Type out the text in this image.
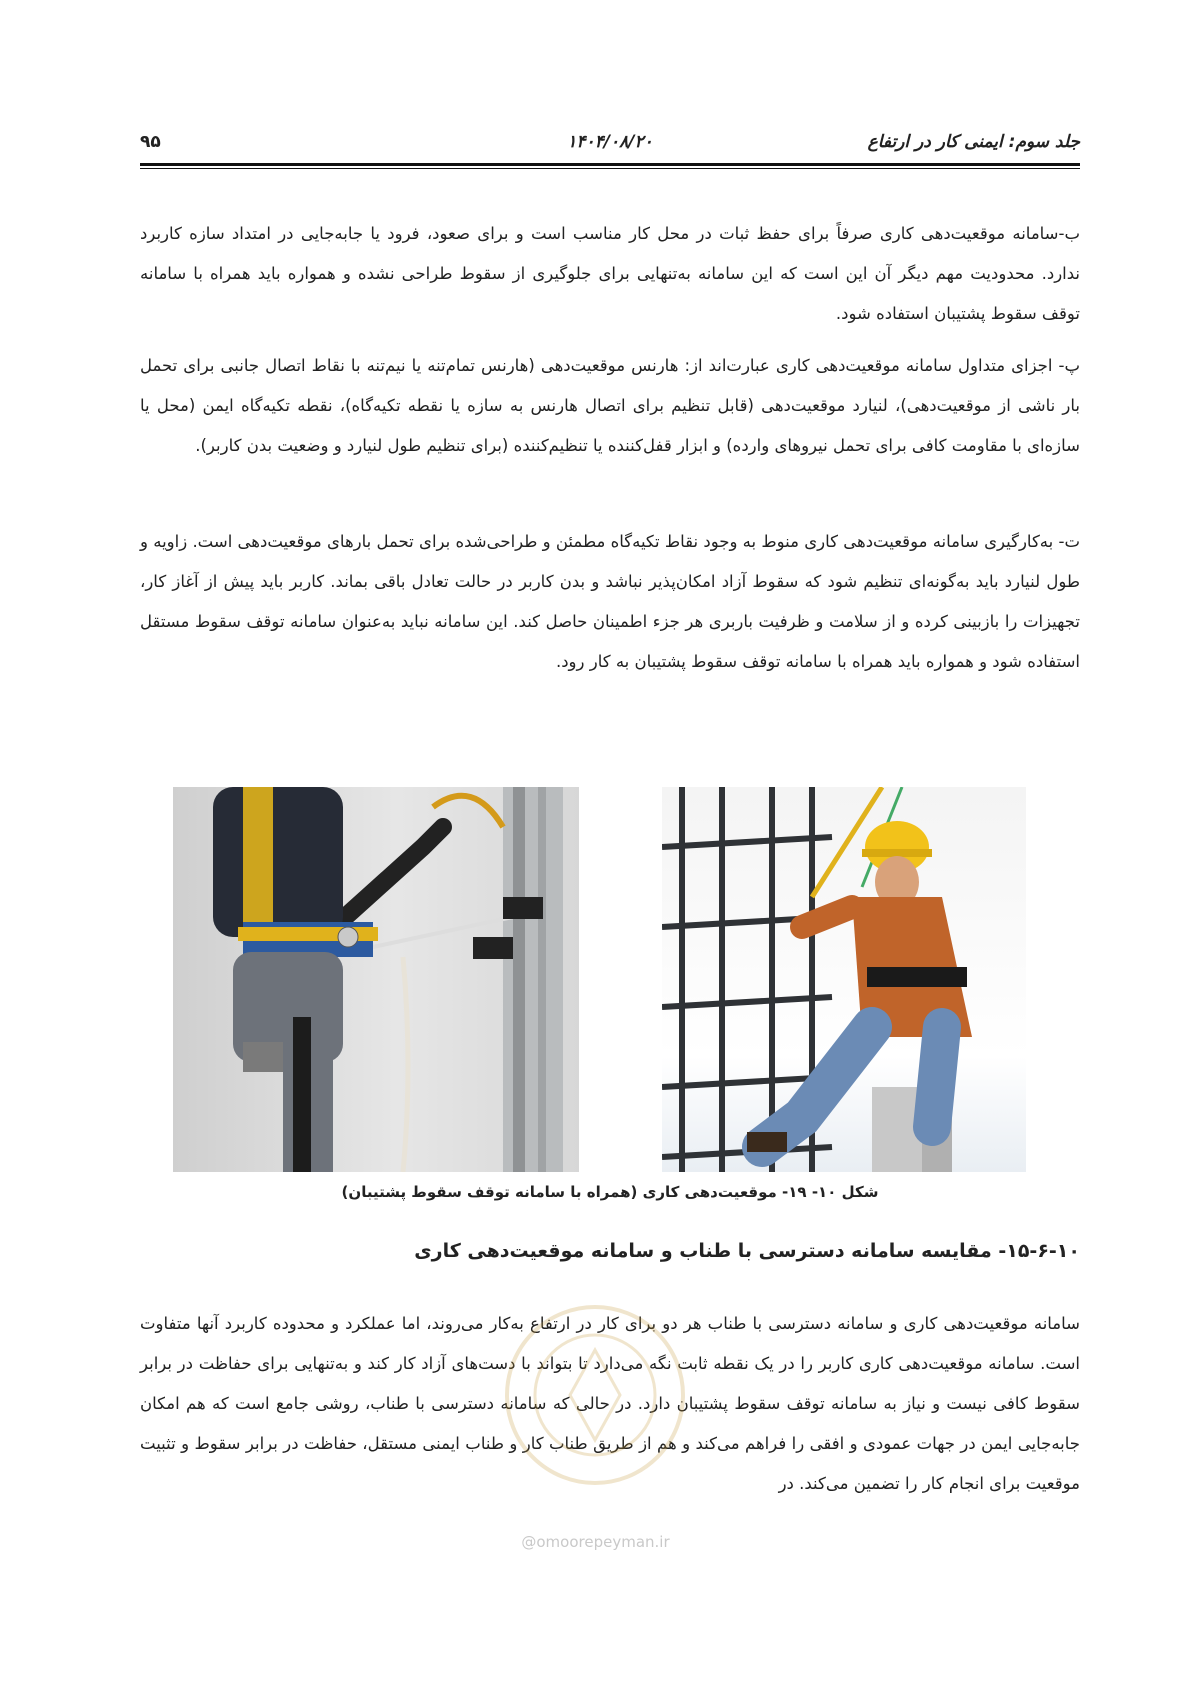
جلد سوم: ایمنی کار در ارتفاع
۱۴۰۴/۰۸/۲۰
۹۵

ب-سامانه موقعیت‌دهی کاری صرفاً برای حفظ ثبات در محل کار مناسب است و برای صعود، فرود یا جابه‌جایی در امتداد سازه کاربرد ندارد. محدودیت مهم دیگر آن این است که این سامانه به‌تنهایی برای جلوگیری از سقوط طراحی نشده و همواره باید همراه با سامانه توقف سقوط پشتیبان استفاده شود.

پ- اجزای متداول سامانه موقعیت‌دهی کاری عبارت‌اند از: هارنس موقعیت‌دهی (هارنس تمام‌تنه یا نیم‌تنه با نقاط اتصال جانبی برای تحمل بار ناشی از موقعیت‌دهی)، لنیارد موقعیت‌دهی (قابل تنظیم برای اتصال هارنس به سازه یا نقطه تکیه‌گاه)، نقطه تکیه‌گاه ایمن (محل یا سازه‌ای با مقاومت کافی برای تحمل نیروهای وارده) و ابزار قفل‌کننده یا تنظیم‌کننده (برای تنظیم طول لنیارد و وضعیت بدن کاربر).

ت- به‌کارگیری سامانه موقعیت‌دهی کاری منوط به وجود نقاط تکیه‌گاه مطمئن و طراحی‌شده برای تحمل بارهای موقعیت‌دهی است. زاویه و طول لنیارد باید به‌گونه‌ای تنظیم شود که سقوط آزاد امکان‌پذیر نباشد و بدن کاربر در حالت تعادل باقی بماند. کاربر باید پیش از آغاز کار، تجهیزات را بازبینی کرده و از سلامت و ظرفیت باربری هر جزء اطمینان حاصل کند. این سامانه نباید به‌عنوان سامانه توقف سقوط مستقل استفاده شود و همواره باید همراه با سامانه توقف سقوط پشتیبان به کار رود.

شکل ۱۰- ۱۹- موقعیت‌دهی کاری (همراه با سامانه توقف سقوط پشتیبان)
۱۵-۶-۱۰- مقایسه سامانه دسترسی با طناب و سامانه موقعیت‌دهی کاری

سامانه موقعیت‌دهی کاری و سامانه دسترسی با طناب هر دو برای کار در ارتفاع به‌کار می‌روند، اما عملکرد و محدوده کاربرد آنها متفاوت است. سامانه موقعیت‌دهی کاری کاربر را در یک نقطه ثابت نگه می‌دارد تا بتواند با دست‌های آزاد کار کند و به‌تنهایی برای حفاظت در برابر سقوط کافی نیست و نیاز به سامانه توقف سقوط پشتیبان دارد. در حالی که سامانه دسترسی با طناب، روشی جامع است که هم امکان جابه‌جایی ایمن در جهات عمودی و افقی را فراهم می‌کند و هم از طریق طناب کار و طناب ایمنی مستقل، حفاظت در برابر سقوط و تثبیت موقعیت برای انجام کار را تضمین می‌کند. در

@omoorepeyman.ir
